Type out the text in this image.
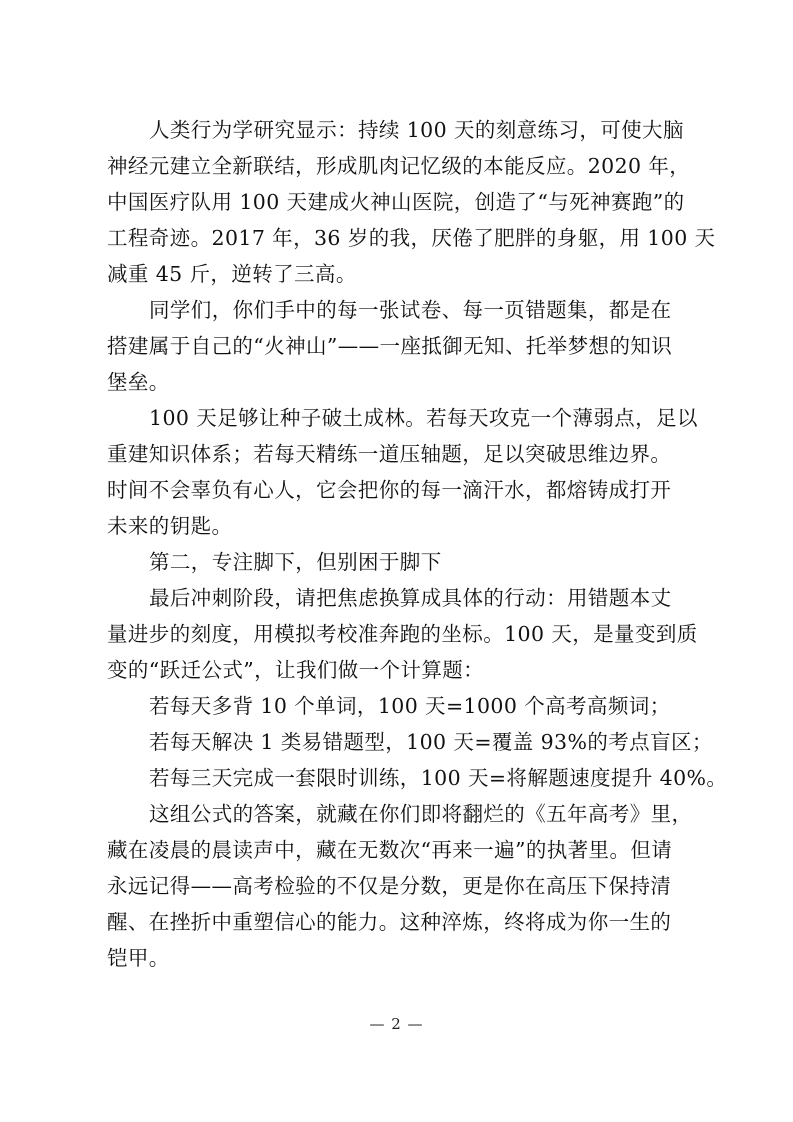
人类行为学研究显示：持续 100 天的刻意练习，可使大脑
神经元建立全新联结，形成肌肉记忆级的本能反应。2020 年，
中国医疗队用 100 天建成火神山医院，创造了“与死神赛跑”的
工程奇迹。2017 年，36 岁的我，厌倦了肥胖的身躯，用 100 天
减重 45 斤，逆转了三高。
同学们，你们手中的每一张试卷、每一页错题集，都是在
搭建属于自己的“火神山”——一座抵御无知、托举梦想的知识
堡垒。
100 天足够让种子破土成林。若每天攻克一个薄弱点，足以
重建知识体系；若每天精练一道压轴题，足以突破思维边界。
时间不会辜负有心人，它会把你的每一滴汗水，都熔铸成打开
未来的钥匙。
第二，专注脚下，但别困于脚下
最后冲刺阶段，请把焦虑换算成具体的行动：用错题本丈
量进步的刻度，用模拟考校准奔跑的坐标。100 天，是量变到质
变的“跃迁公式”，让我们做一个计算题：
若每天多背 10 个单词，100 天=1000 个高考高频词；
若每天解决 1 类易错题型，100 天=覆盖 93%的考点盲区；
若每三天完成一套限时训练，100 天=将解题速度提升 40%。
这组公式的答案，就藏在你们即将翻烂的《五年高考》里，
藏在凌晨的晨读声中，藏在无数次“再来一遍”的执著里。但请
永远记得——高考检验的不仅是分数，更是你在高压下保持清
醒、在挫折中重塑信心的能力。这种淬炼，终将成为你一生的
铠甲。
— 2 —
